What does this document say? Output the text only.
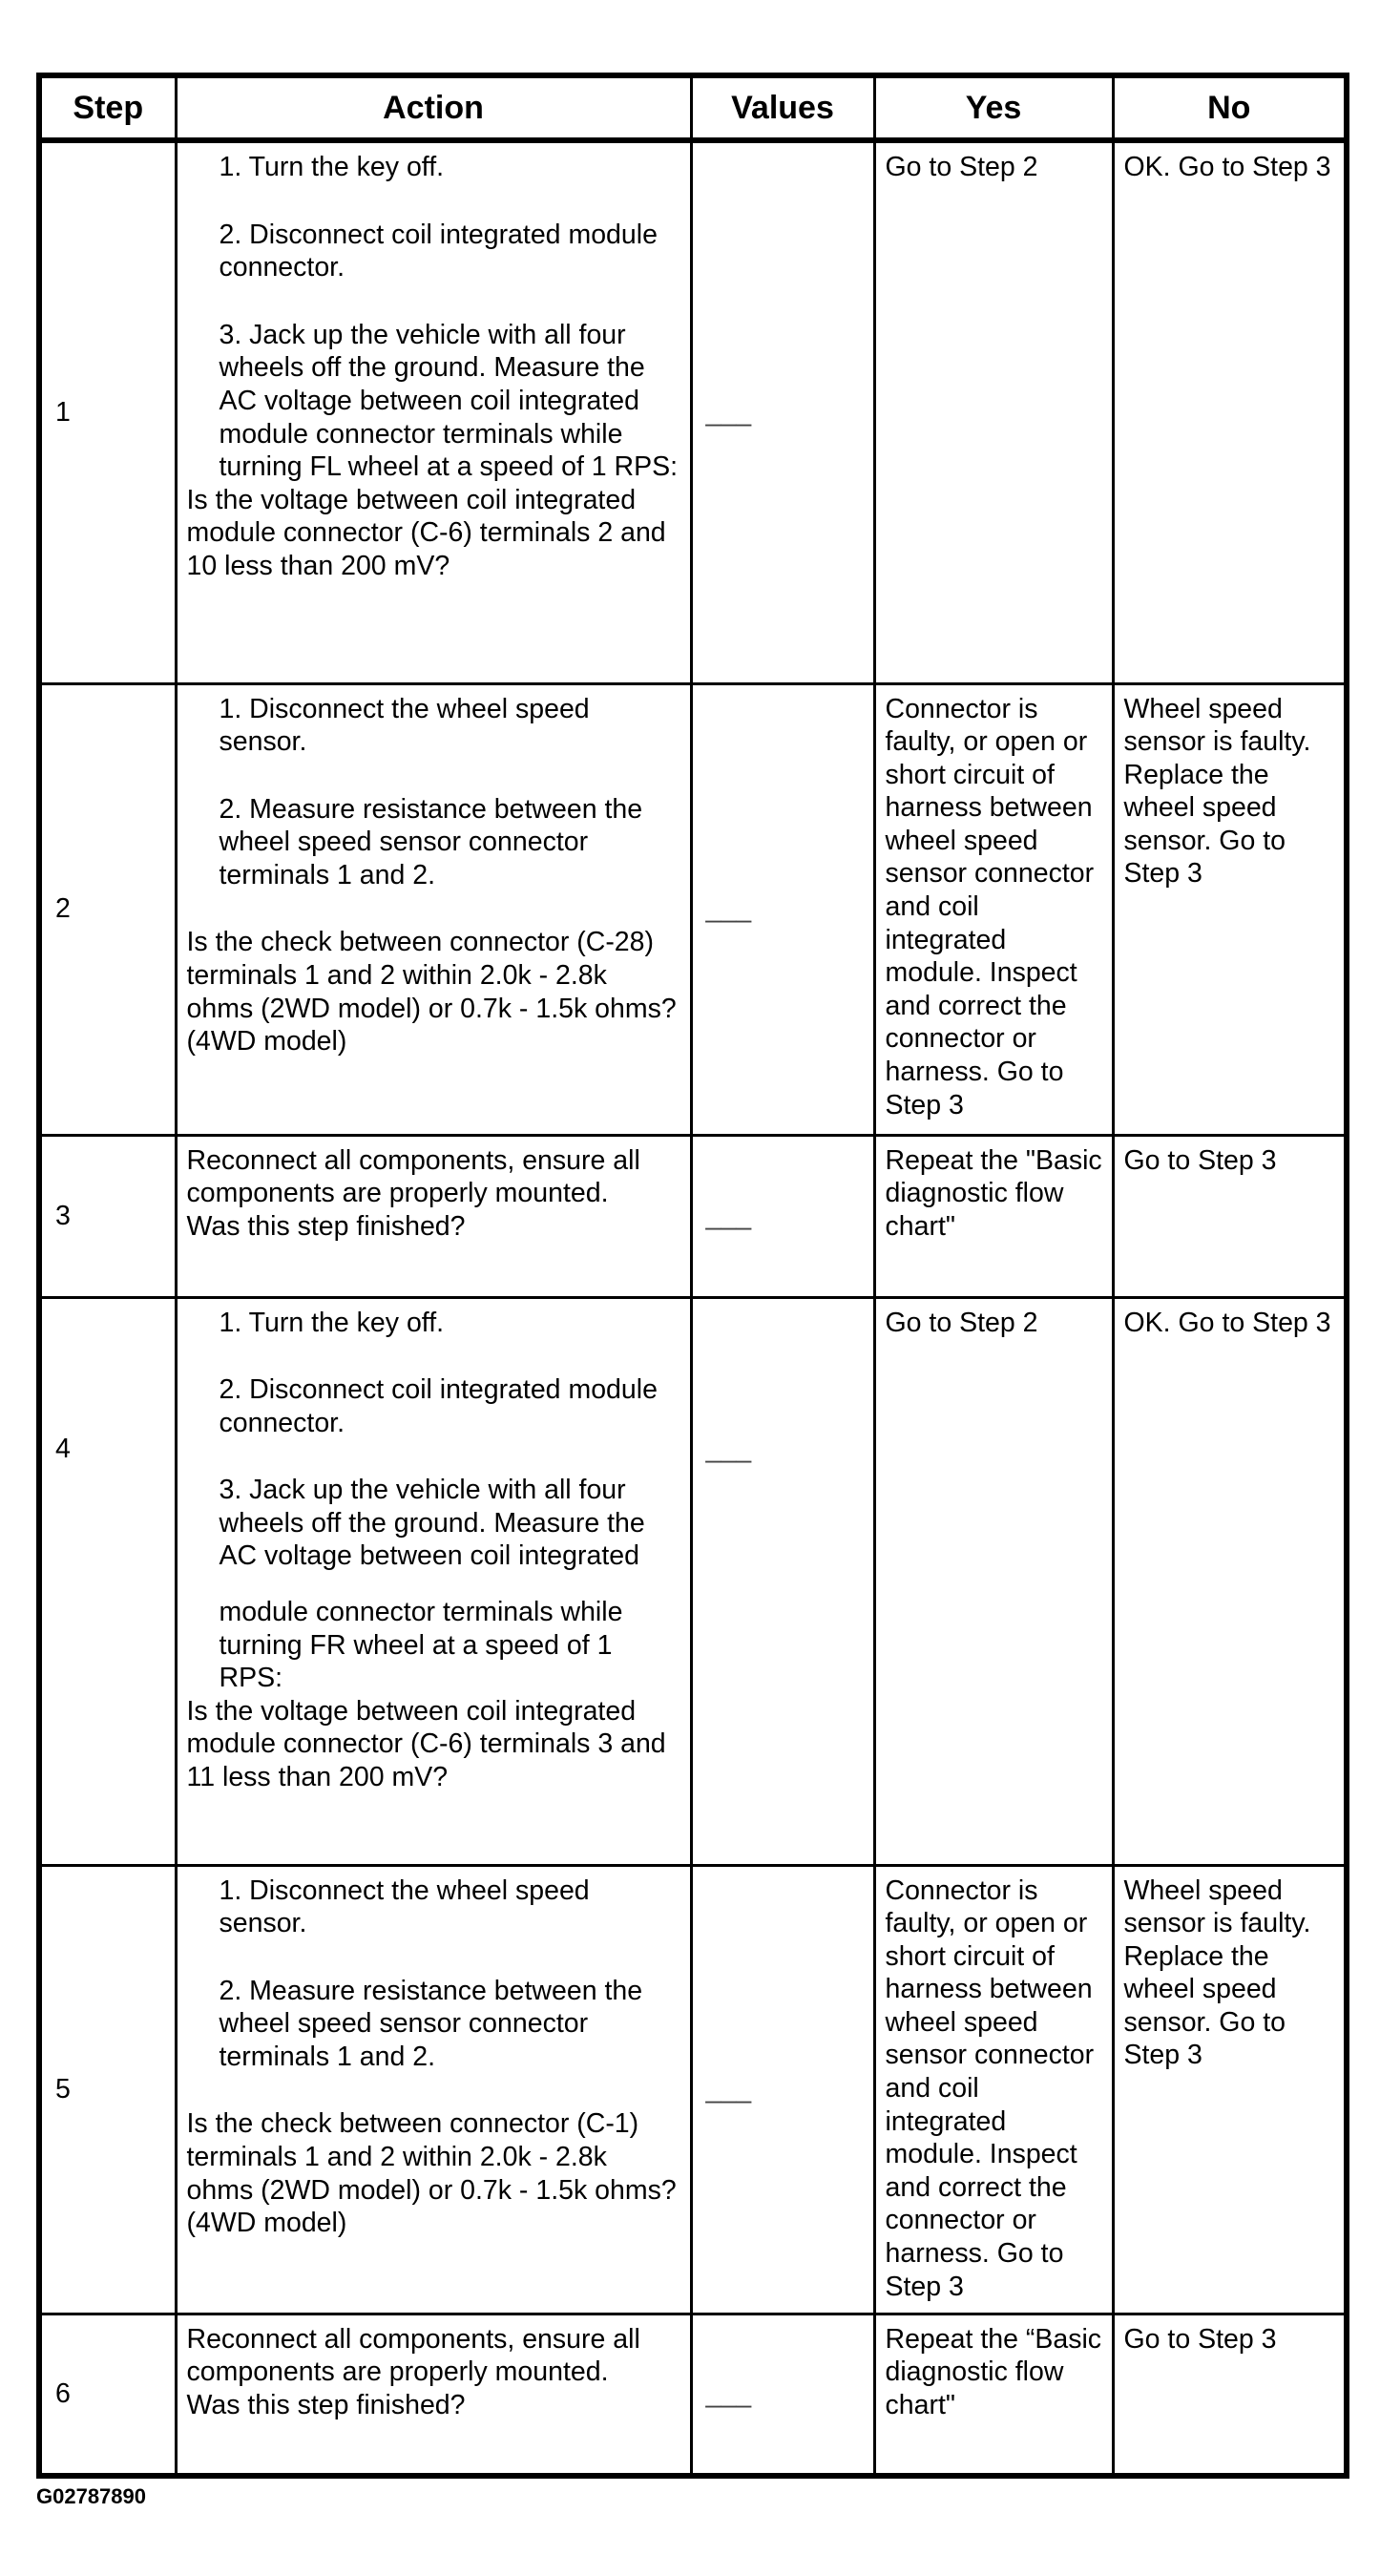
Step	Action	Values	Yes	No
1	1. Turn the key off.

2. Disconnect coil integrated module connector.

3. Jack up the vehicle with all four wheels off the ground. Measure the AC voltage between coil integrated module connector terminals while turning FL wheel at a speed of 1 RPS:

Is the voltage between coil integrated module connector (C-6) terminals 2 and 10 less than 200 mV?	___	Go to Step 2	OK. Go to Step 3

2	1. Disconnect the wheel speed sensor.

2. Measure resistance between the wheel speed sensor connector terminals 1 and 2.

Is the check between connector (C-28) terminals 1 and 2 within 2.0k - 2.8k ohms (2WD model) or 0.7k - 1.5k ohms? (4WD model)	___	Connector is faulty, or open or short circuit of harness between wheel speed sensor connector and coil integrated module. Inspect and correct the connector or harness. Go to Step 3	Wheel speed sensor is faulty. Replace the wheel speed sensor. Go to Step 3

3	Reconnect all components, ensure all components are properly mounted.

Was this step finished?	___	Repeat the "Basic diagnostic flow chart"	Go to Step 3

4	1. Turn the key off.

2. Disconnect coil integrated module connector.

3. Jack up the vehicle with all four wheels off the ground. Measure the AC voltage between coil integrated

module connector terminals while turning FR wheel at a speed of 1 RPS:

Is the voltage between coil integrated module connector (C-6) terminals 3 and 11 less than 200 mV?	___	Go to Step 2	OK. Go to Step 3

5	1. Disconnect the wheel speed sensor.

2. Measure resistance between the wheel speed sensor connector terminals 1 and 2.

Is the check between connector (C-1) terminals 1 and 2 within 2.0k - 2.8k ohms (2WD model) or 0.7k - 1.5k ohms? (4WD model)	___	Connector is faulty, or open or short circuit of harness between wheel speed sensor connector and coil integrated module. Inspect and correct the connector or harness. Go to Step 3	Wheel speed sensor is faulty. Replace the wheel speed sensor. Go to Step 3

6	Reconnect all components, ensure all components are properly mounted.

Was this step finished?	___	Repeat the “Basic diagnostic flow chart"	Go to Step 3

G02787890
